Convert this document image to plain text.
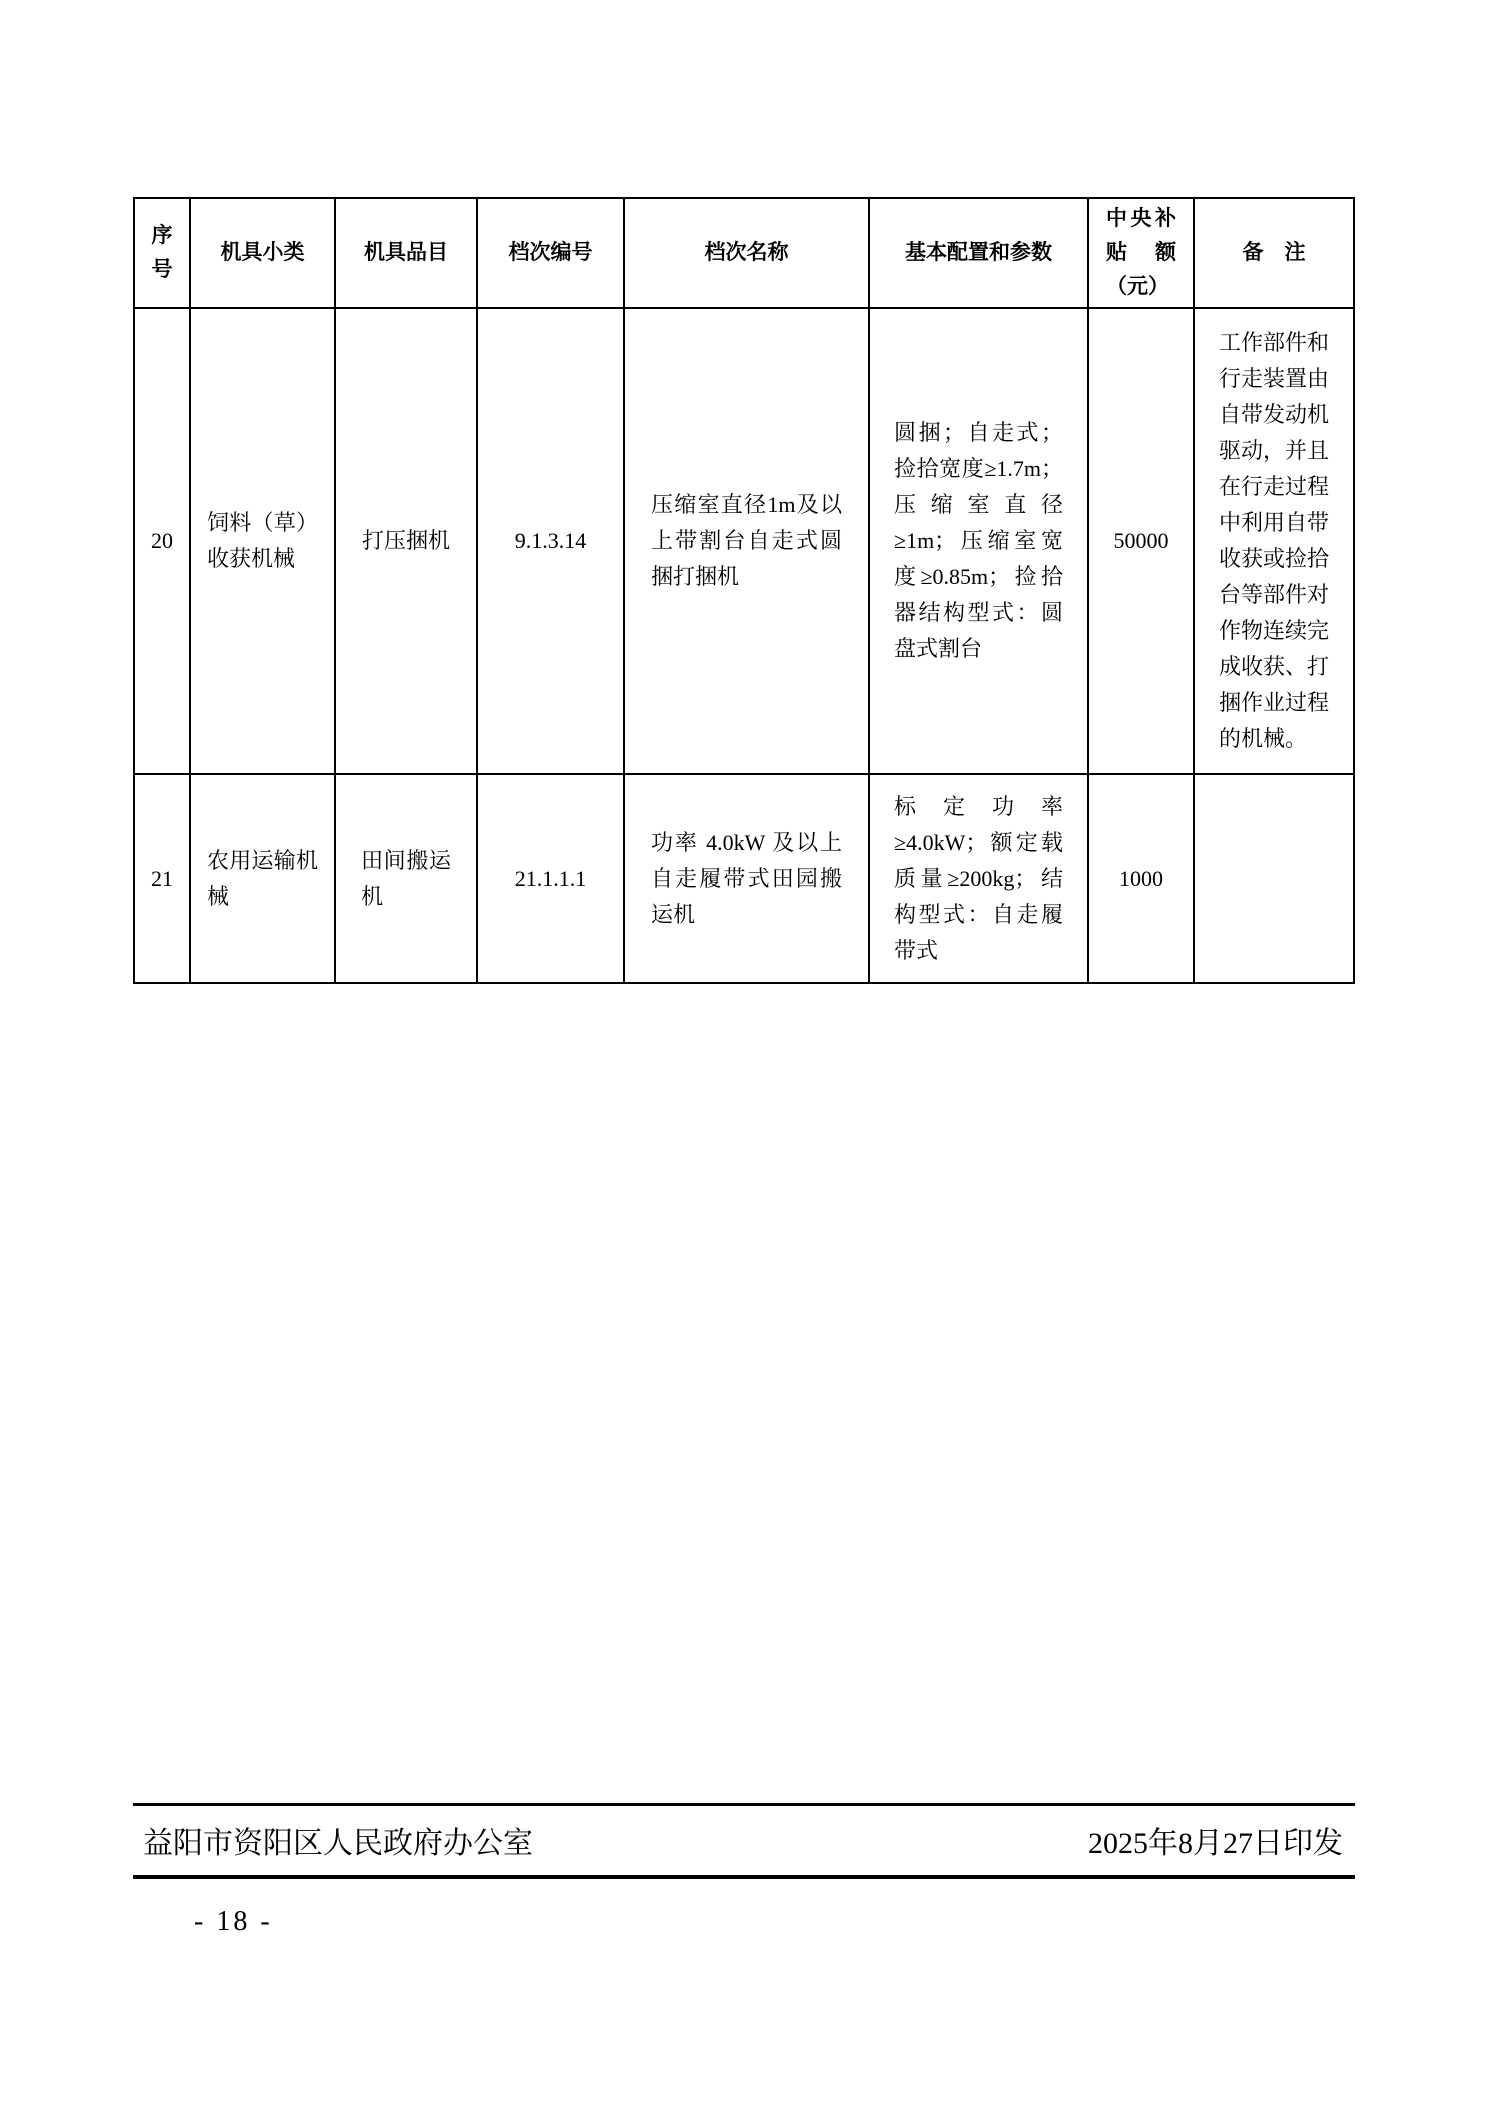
序号	机具小类	机具品目	档次编号	档次名称	基本配置和参数	中央补贴额（元）	备　注
20	饲料（草）收获机械	打压捆机	9.1.3.14	压缩室直径1m及以上带割台自走式圆捆打捆机	圆捆；自走式；捡拾宽度≥1.7m；压缩室直径≥1m；压缩室宽度≥0.85m；捡拾器结构型式：圆盘式割台	50000	工作部件和行走装置由自带发动机驱动，并且在行走过程中利用自带收获或捡拾台等部件对作物连续完成收获、打捆作业过程的机械。
21	农用运输机械	田间搬运机	21.1.1.1	功率 4.0kW 及以上自走履带式田园搬运机	标定功率≥4.0kW；额定载质量≥200kg；结构型式：自走履带式	1000	
益阳市资阳区人民政府办公室	2025年8月27日印发
- 18 -
